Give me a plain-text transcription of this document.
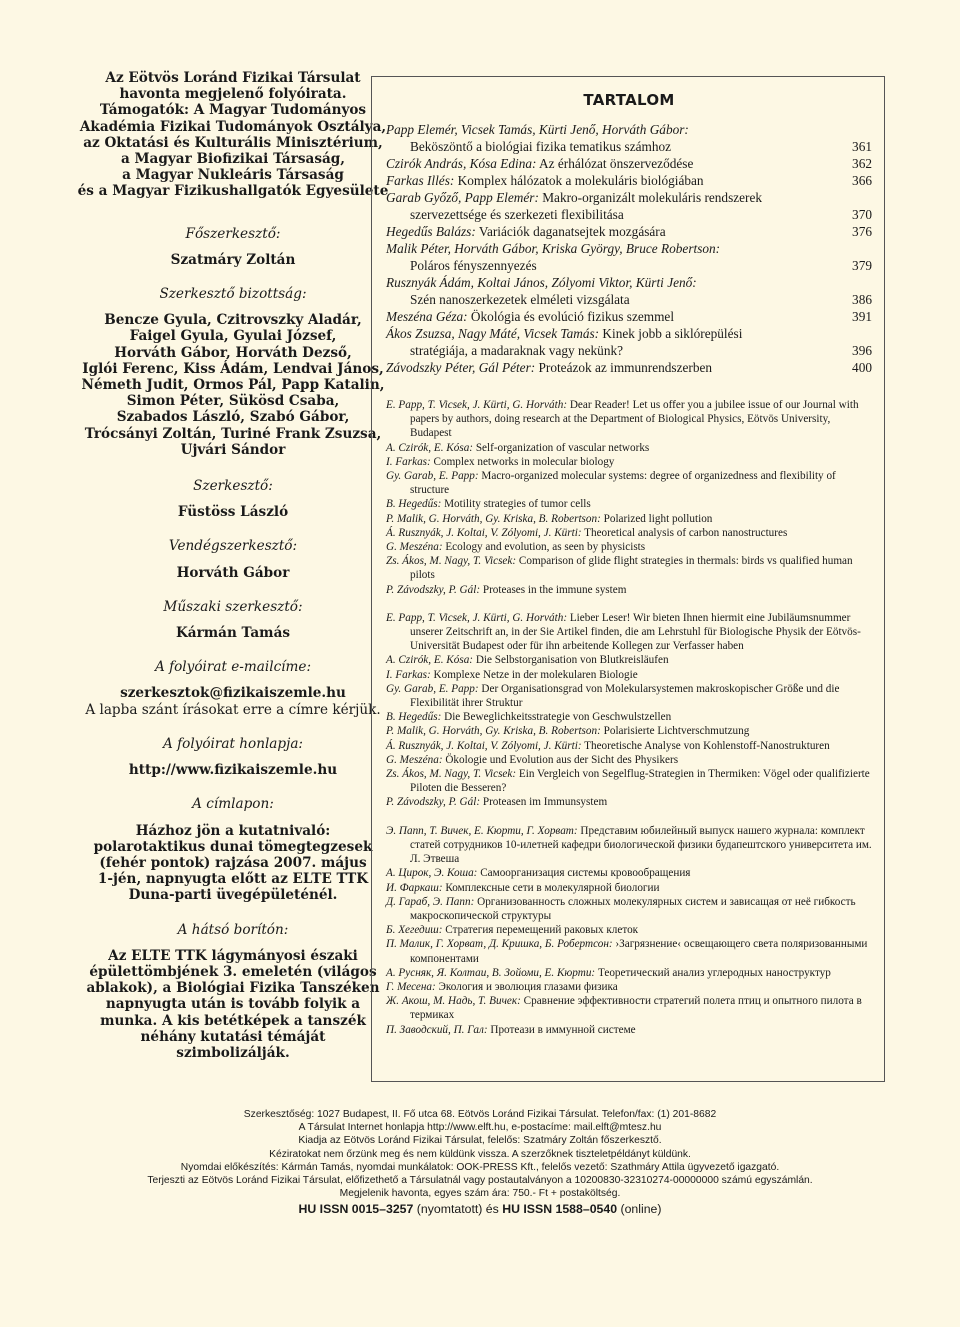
Az Eötvös Loránd Fizikai Társulat
havonta megjelenő folyóirata.
Támogatók: A Magyar Tudományos
Akadémia Fizikai Tudományok Osztálya,
az Oktatási és Kulturális Minisztérium,
a Magyar Biofizikai Társaság,
a Magyar Nukleáris Társaság
és a Magyar Fizikushallgatók Egyesülete
Főszerkesztő:
Szatmáry Zoltán
Szerkesztő bizottság:
Bencze Gyula, Czitrovszky Aladár,
Faigel Gyula, Gyulai József,
Horváth Gábor, Horváth Dezső,
Iglói Ferenc, Kiss Ádám, Lendvai János,
Németh Judit, Ormos Pál, Papp Katalin,
Simon Péter, Sükösd Csaba,
Szabados László, Szabó Gábor,
Trócsányi Zoltán, Turiné Frank Zsuzsa,
Ujvári Sándor
Szerkesztő:
Füstöss László
Vendégszerkesztő:
Horváth Gábor
Műszaki szerkesztő:
Kármán Tamás
A folyóirat e-mailcíme:
szerkesztok@fizikaiszemle.hu
A lapba szánt írásokat erre a címre kérjük.
A folyóirat honlapja:
http://www.fizikaiszemle.hu
A címlapon:
Házhoz jön a kutatnivaló:
polarotaktikus dunai tömegtegzesek
(fehér pontok) rajzása 2007. május
1-jén, napnyugta előtt az ELTE TTK
Duna-parti üvegépületénél.
A hátsó borítón:
Az ELTE TTK lágymányosi északi
épülettömbjének 3. emeletén (világos
ablakok), a Biológiai Fizika Tanszéken
napnyugta után is tovább folyik a
munka. A kis betétképek a tanszék
néhány kutatási témáját
szimbolizálják.
TARTALOM
Papp Elemér, Vicsek Tamás, Kürti Jenő, Horváth Gábor:
Beköszöntő a biológiai fizika tematikus számhoz	361
Czirók András, Kósa Edina: Az érhálózat önszerveződése	362
Farkas Illés: Komplex hálózatok a molekuláris biológiában	366
Garab Győző, Papp Elemér: Makro-organizált molekuláris rendszerek
szervezettsége és szerkezeti flexibilitása	370
Hegedűs Balázs: Variációk daganatsejtek mozgására	376
Malik Péter, Horváth Gábor, Kriska György, Bruce Robertson:
Poláros fényszennyezés	379
Rusznyák Ádám, Koltai János, Zólyomi Viktor, Kürti Jenő:
Szén nanoszerkezetek elméleti vizsgálata	386
Meszéna Géza: Ökológia és evolúció fizikus szemmel	391
Ákos Zsuzsa, Nagy Máté, Vicsek Tamás: Kinek jobb a siklórepülési
stratégiája, a madaraknak vagy nekünk?	396
Závodszky Péter, Gál Péter: Proteázok az immunrendszerben	400
E. Papp, T. Vicsek, J. Kürti, G. Horváth: Dear Reader! Let us offer you a jubilee issue of our Journal with papers by authors, doing research at the Department of Biological Physics, Eötvös University, Budapest
A. Czirók, E. Kósa: Self-organization of vascular networks
I. Farkas: Complex networks in molecular biology
Gy. Garab, E. Papp: Macro-organized molecular systems: degree of organizedness and flexibility of structure
B. Hegedűs: Motility strategies of tumor cells
P. Malik, G. Horváth, Gy. Kriska, B. Robertson: Polarized light pollution
Á. Rusznyák, J. Koltai, V. Zólyomi, J. Kürti: Theoretical analysis of carbon nanostructures
G. Meszéna: Ecology and evolution, as seen by physicists
Zs. Ákos, M. Nagy, T. Vicsek: Comparison of glide flight strategies in thermals: birds vs qualified human pilots
P. Závodszky, P. Gál: Proteases in the immune system
E. Papp, T. Vicsek, J. Kürti, G. Horváth: Lieber Leser! Wir bieten Ihnen hiermit eine Jubiläumsnummer unserer Zeitschrift an, in der Sie Artikel finden, die am Lehrstuhl für Biologische Physik der Eötvös-Universität Budapest oder für ihn arbeitende Kollegen zur Verfasser haben
A. Czirók, E. Kósa: Die Selbstorganisation von Blutkreisläufen
I. Farkas: Komplexe Netze in der molekularen Biologie
Gy. Garab, E. Papp: Der Organisationsgrad von Molekularsystemen makroskopischer Größe und die Flexibilität ihrer Struktur
B. Hegedűs: Die Beweglichkeitsstrategie von Geschwulstzellen
P. Malik, G. Horváth, Gy. Kriska, B. Robertson: Polarisierte Lichtverschmutzung
Á. Rusznyák, J. Koltai, V. Zólyomi, J. Kürti: Theoretische Analyse von Kohlenstoff-Nanostrukturen
G. Meszéna: Ökologie und Evolution aus der Sicht des Physikers
Zs. Ákos, M. Nagy, T. Vicsek: Ein Vergleich von Segelflug-Strategien in Thermiken: Vögel oder qualifizierte Piloten die Besseren?
P. Závodszky, P. Gál: Proteasen im Immunsystem
Э. Папп, Т. Вичек, Е. Кюрти, Г. Хорват: Представим юбилейный выпуск нашего журнала: комплект статей сотрудников 10-илетней кафедри биологической физики будапештского университета им. Л. Этвеша
А. Цирок, Э. Коша: Самоорганизация системы кровообращения
И. Фаркаш: Комплексные сети в молекулярной биологии
Д. Гараб, Э. Папп: Организованность сложных молекулярных систем и зависащая от неё гибкость макроскопической структуры
Б. Хегедиш: Стратегия перемещений раковых клеток
П. Малик, Г. Хорват, Д. Кришка, Б. Робертсон: ›Загрязнение‹ освещающего света поляризованными компонентами
А. Русняк, Я. Колтаи, В. Зойоми, Е. Кюрти: Теоретический анализ углеродных наноструктур
Г. Месена: Экология и эволюция глазами физика
Ж. Акош, М. Надь, Т. Вичек: Сравнение эффективности стратегий полета птиц и опытного пилота в термиках
П. Заводский, П. Гал: Протеази в иммунной системе
Szerkesztőség: 1027 Budapest, II. Fő utca 68. Eötvös Loránd Fizikai Társulat. Telefon/fax: (1) 201-8682
A Társulat Internet honlapja http://www.elft.hu, e-postacíme: mail.elft@mtesz.hu
Kiadja az Eötvös Loránd Fizikai Társulat, felelős: Szatmáry Zoltán főszerkesztő.
Kéziratokat nem őrzünk meg és nem küldünk vissza. A szerzőknek tiszteletpéldányt küldünk.
Nyomdai előkészítés: Kármán Tamás, nyomdai munkálatok: OOK-PRESS Kft., felelős vezető: Szathmáry Attila ügyvezető igazgató.
Terjeszti az Eötvös Loránd Fizikai Társulat, előfizethető a Társulatnál vagy postautalványon a 10200830-32310274-00000000 számú egyszámlán.
Megjelenik havonta, egyes szám ára: 750.- Ft + postaköltség.
HU ISSN 0015–3257 (nyomtatott) és HU ISSN 1588–0540 (online)
